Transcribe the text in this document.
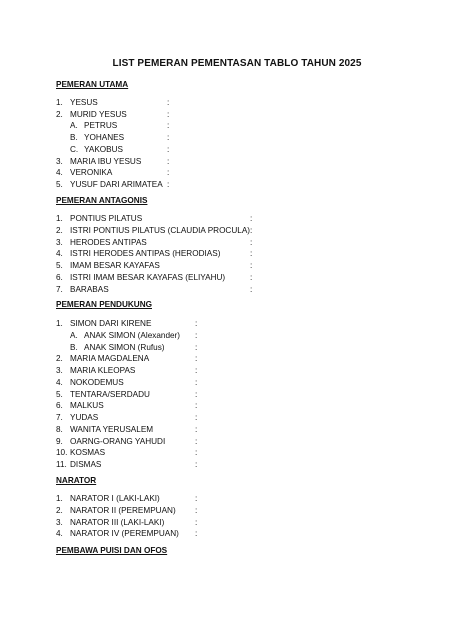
LIST PEMERAN PEMENTASAN TABLO TAHUN 2025
PEMERAN UTAMA
1. YESUS	:
2. MURID YESUS	:
A. PETRUS	:
B. YOHANES	:
C. YAKOBUS	:
3. MARIA IBU YESUS	:
4. VERONIKA	:
5. YUSUF DARI ARIMATEA :
PEMERAN ANTAGONIS
1. PONTIUS PILATUS	:
2. ISTRI PONTIUS PILATUS (CLAUDIA PROCULA) :
3. HERODES ANTIPAS	:
4. ISTRI HERODES ANTIPAS (HERODIAS)	:
5. IMAM BESAR KAYAFAS	:
6. ISTRI IMAM BESAR KAYAFAS (ELIYAHU)	:
7. BARABAS	:
PEMERAN PENDUKUNG
1. SIMON DARI KIRENE	:
A. ANAK SIMON (Alexander) :
B. ANAK SIMON (Rufus)	:
2. MARIA MAGDALENA	:
3. MARIA KLEOPAS	:
4. NOKODEMUS	:
5. TENTARA/SERDADU	:
6. MALKUS	:
7. YUDAS	:
8. WANITA YERUSALEM	:
9. OARNG-ORANG YAHUDI	:
10. KOSMAS	:
11. DISMAS	:
NARATOR
1. NARATOR I (LAKI-LAKI)	:
2. NARATOR II (PEREMPUAN) :
3. NARATOR III (LAKI-LAKI)	:
4. NARATOR IV (PEREMPUAN) :
PEMBAWA PUISI DAN OFOS
